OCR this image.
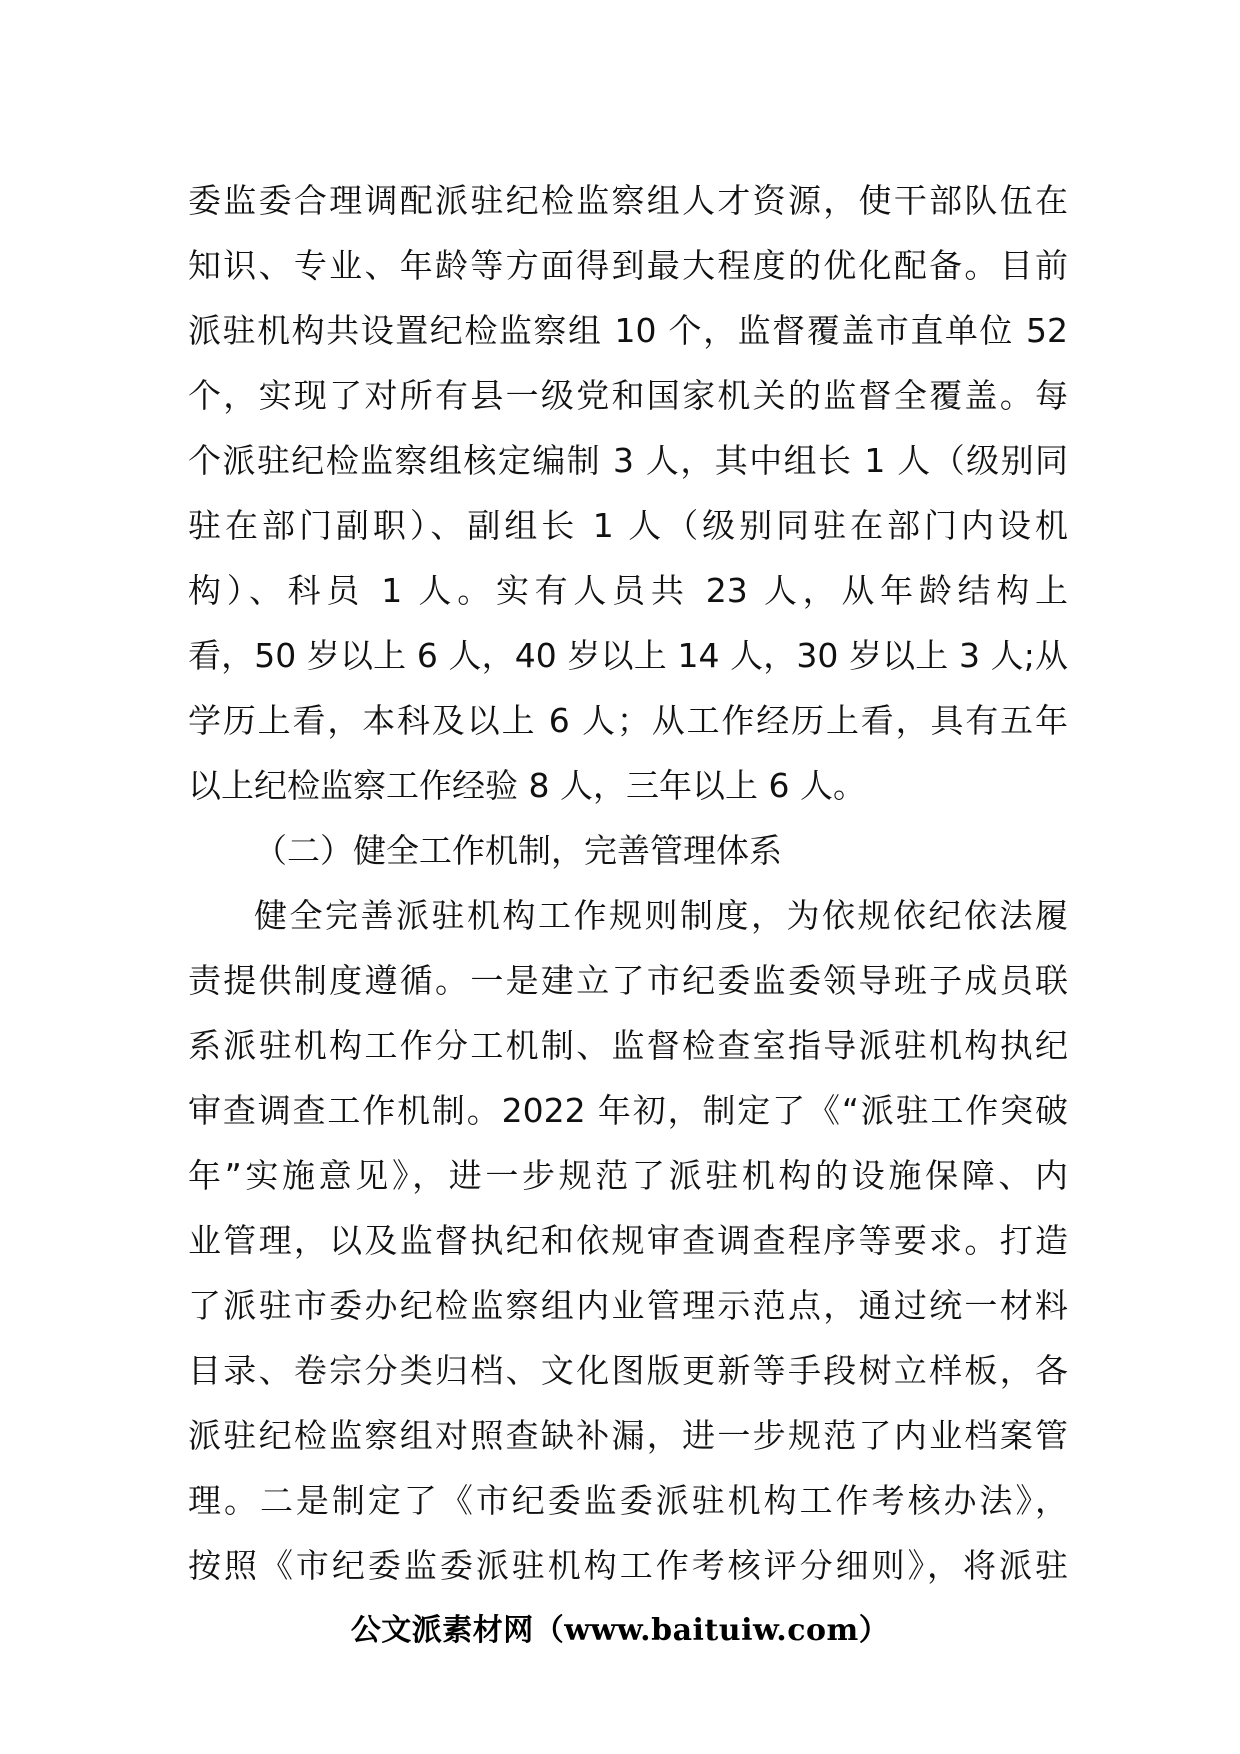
委监委合理调配派驻纪检监察组人才资源，使干部队伍在
知识、专业、年龄等方面得到最大程度的优化配备。目前
派驻机构共设置纪检监察组 10 个，监督覆盖市直单位 52
个，实现了对所有县一级党和国家机关的监督全覆盖。每
个派驻纪检监察组核定编制 3 人，其中组长 1 人（级别同
驻在部门副职）、副组长 1 人（级别同驻在部门内设机
构）、科员 1 人。实有人员共 23 人，从年龄结构上
看，50 岁以上 6 人，40 岁以上 14 人，30 岁以上 3 人;从
学历上看，本科及以上 6 人；从工作经历上看，具有五年
以上纪检监察工作经验 8 人，三年以上 6 人。
（二）健全工作机制，完善管理体系
健全完善派驻机构工作规则制度，为依规依纪依法履
责提供制度遵循。一是建立了市纪委监委领导班子成员联
系派驻机构工作分工机制、监督检查室指导派驻机构执纪
审查调查工作机制。2022 年初，制定了《“派驻工作突破
年”实施意见》，进一步规范了派驻机构的设施保障、内
业管理，以及监督执纪和依规审查调查程序等要求。打造
了派驻市委办纪检监察组内业管理示范点，通过统一材料
目录、卷宗分类归档、文化图版更新等手段树立样板，各
派驻纪检监察组对照查缺补漏，进一步规范了内业档案管
理。二是制定了《市纪委监委派驻机构工作考核办法》，
按照《市纪委监委派驻机构工作考核评分细则》，将派驻
公文派素材网（www.baituiw.com）
